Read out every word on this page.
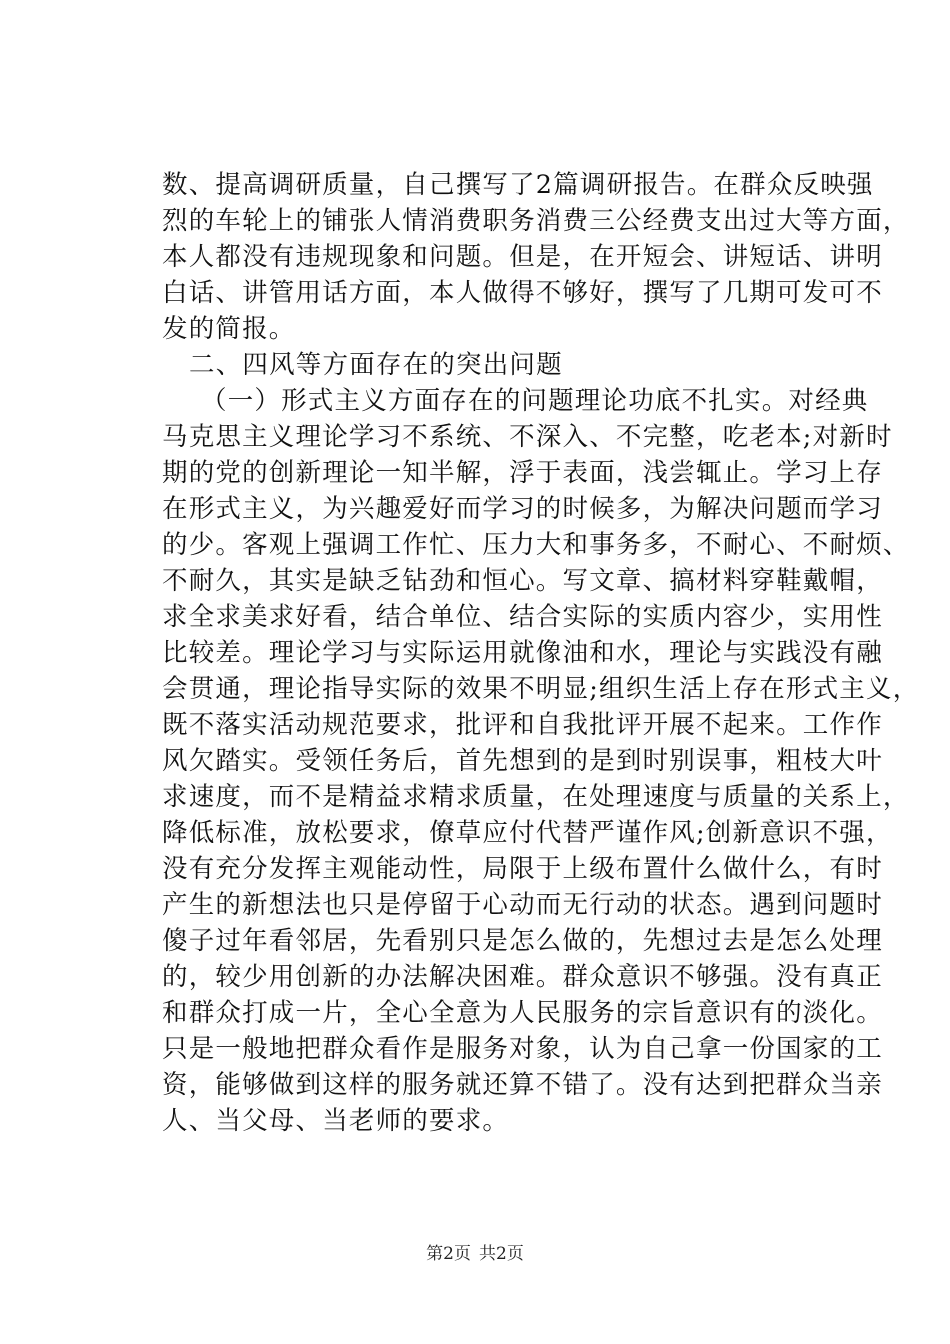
数、提高调研质量，自己撰写了2篇调研报告。在群众反映强
烈的车轮上的铺张人情消费职务消费三公经费支出过大等方面，
本人都没有违规现象和问题。但是，在开短会、讲短话、讲明
白话、讲管用话方面，本人做得不够好，撰写了几期可发可不
发的简报。
二、四风等方面存在的突出问题
（一）形式主义方面存在的问题理论功底不扎实。对经典
马克思主义理论学习不系统、不深入、不完整，吃老本;对新时
期的党的创新理论一知半解，浮于表面，浅尝辄止。学习上存
在形式主义，为兴趣爱好而学习的时候多，为解决问题而学习
的少。客观上强调工作忙、压力大和事务多，不耐心、不耐烦、
不耐久，其实是缺乏钻劲和恒心。写文章、搞材料穿鞋戴帽，
求全求美求好看，结合单位、结合实际的实质内容少，实用性
比较差。理论学习与实际运用就像油和水，理论与实践没有融
会贯通，理论指导实际的效果不明显;组织生活上存在形式主义，
既不落实活动规范要求，批评和自我批评开展不起来。工作作
风欠踏实。受领任务后，首先想到的是到时别误事，粗枝大叶
求速度，而不是精益求精求质量，在处理速度与质量的关系上，
降低标准，放松要求，僚草应付代替严谨作风;创新意识不强，
没有充分发挥主观能动性，局限于上级布置什么做什么，有时
产生的新想法也只是停留于心动而无行动的状态。遇到问题时
傻子过年看邻居，先看别只是怎么做的，先想过去是怎么处理
的，较少用创新的办法解决困难。群众意识不够强。没有真正
和群众打成一片，全心全意为人民服务的宗旨意识有的淡化。
只是一般地把群众看作是服务对象，认为自己拿一份国家的工
资，能够做到这样的服务就还算不错了。没有达到把群众当亲
人、当父母、当老师的要求。
第2页 共2页
